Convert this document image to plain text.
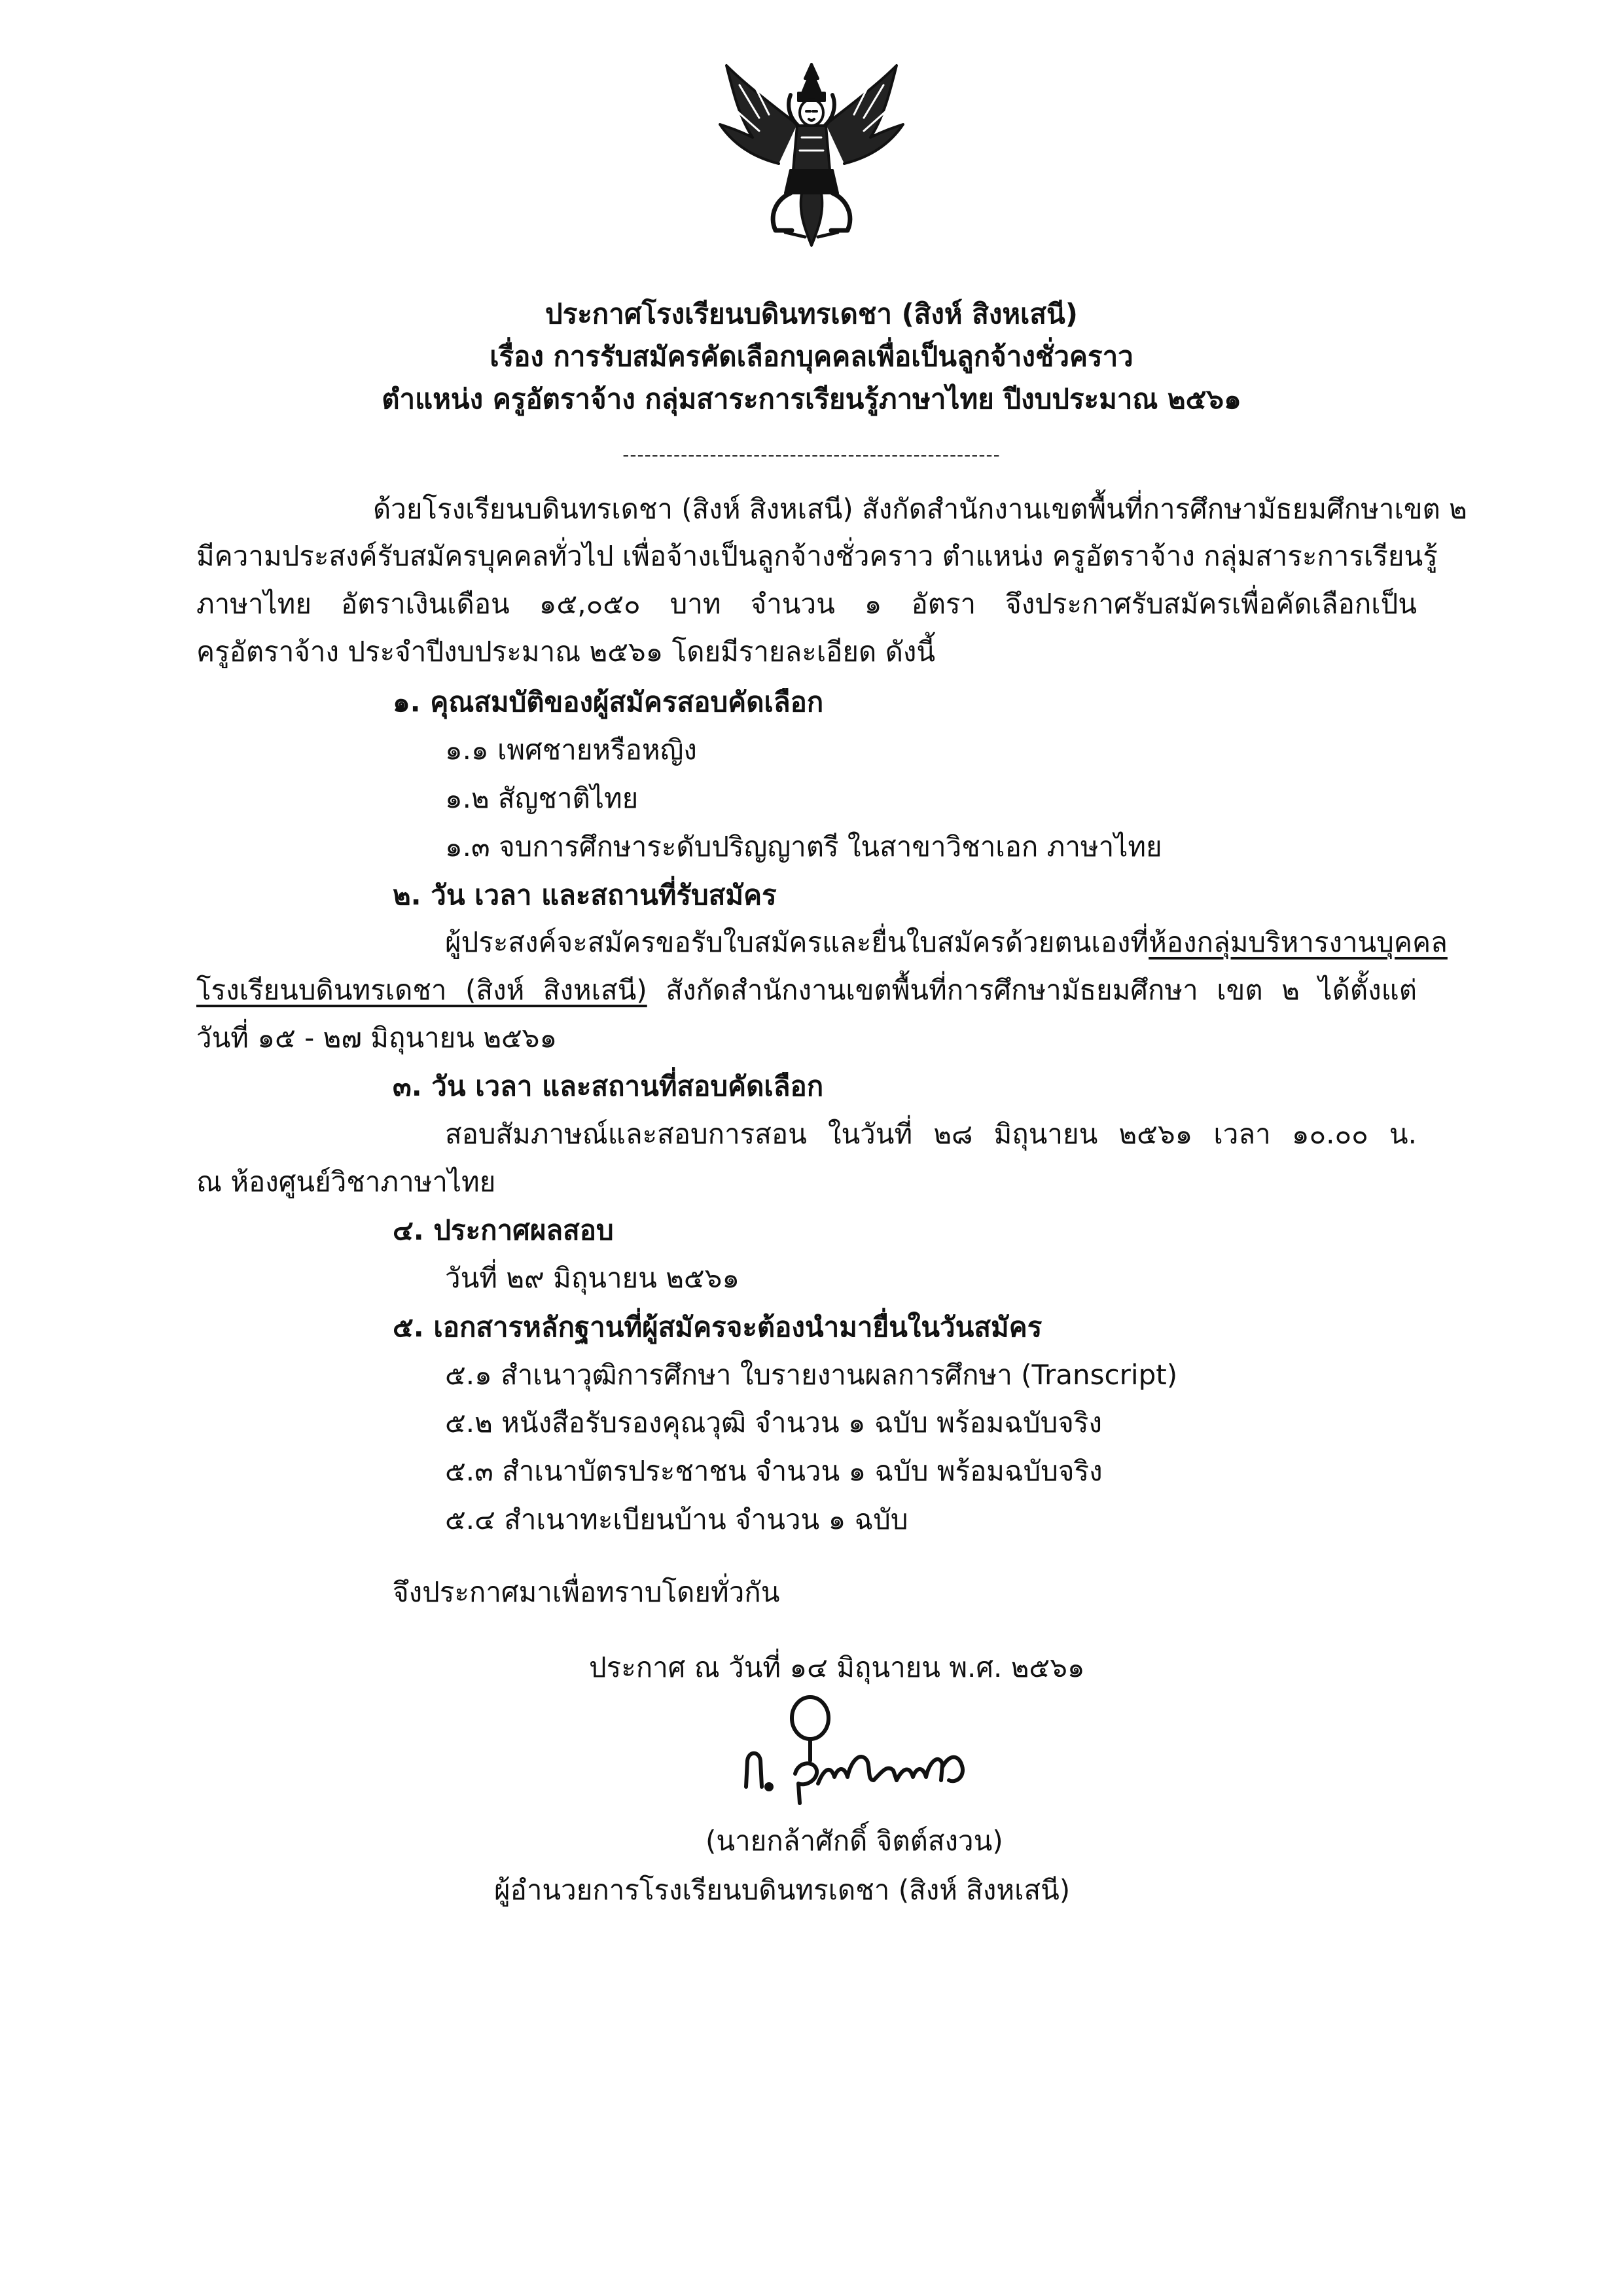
ประกาศโรงเรียนบดินทรเดชา (สิงห์ สิงหเสนี)
เรื่อง การรับสมัครคัดเลือกบุคคลเพื่อเป็นลูกจ้างชั่วคราว
ตำแหน่ง ครูอัตราจ้าง กลุ่มสาระการเรียนรู้ภาษาไทย ปีงบประมาณ ๒๕๖๑
----------------------------------------------------
ด้วยโรงเรียนบดินทรเดชา (สิงห์ สิงหเสนี) สังกัดสำนักงานเขตพื้นที่การศึกษามัธยมศึกษาเขต ๒
มีความประสงค์รับสมัครบุคคลทั่วไป เพื่อจ้างเป็นลูกจ้างชั่วคราว ตำแหน่ง ครูอัตราจ้าง กลุ่มสาระการเรียนรู้
ภาษาไทย อัตราเงินเดือน ๑๕,๐๕๐ บาท จำนวน ๑ อัตรา จึงประกาศรับสมัครเพื่อคัดเลือกเป็น
ครูอัตราจ้าง ประจำปีงบประมาณ ๒๕๖๑ โดยมีรายละเอียด ดังนี้
๑. คุณสมบัติของผู้สมัครสอบคัดเลือก
๑.๑ เพศชายหรือหญิง
๑.๒ สัญชาติไทย
๑.๓ จบการศึกษาระดับปริญญาตรี ในสาขาวิชาเอก ภาษาไทย
๒. วัน เวลา และสถานที่รับสมัคร
ผู้ประสงค์จะสมัครขอรับใบสมัครและยื่นใบสมัครด้วยตนเองที่ห้องกลุ่มบริหารงานบุคคล
โรงเรียนบดินทรเดชา (สิงห์ สิงหเสนี) สังกัดสำนักงานเขตพื้นที่การศึกษามัธยมศึกษา เขต ๒ ได้ตั้งแต่
วันที่ ๑๕ - ๒๗ มิถุนายน ๒๕๖๑
๓. วัน เวลา และสถานที่สอบคัดเลือก
สอบสัมภาษณ์และสอบการสอน ในวันที่ ๒๘ มิถุนายน ๒๕๖๑ เวลา ๑๐.๐๐ น.
ณ ห้องศูนย์วิชาภาษาไทย
๔. ประกาศผลสอบ
วันที่ ๒๙ มิถุนายน ๒๕๖๑
๕. เอกสารหลักฐานที่ผู้สมัครจะต้องนำมายื่นในวันสมัคร
๕.๑ สำเนาวุฒิการศึกษา ใบรายงานผลการศึกษา (Transcript)
๕.๒ หนังสือรับรองคุณวุฒิ จำนวน ๑ ฉบับ พร้อมฉบับจริง
๕.๓ สำเนาบัตรประชาชน จำนวน ๑ ฉบับ พร้อมฉบับจริง
๕.๔ สำเนาทะเบียนบ้าน จำนวน ๑ ฉบับ
จึงประกาศมาเพื่อทราบโดยทั่วกัน
ประกาศ ณ วันที่ ๑๔ มิถุนายน พ.ศ. ๒๕๖๑
(นายกล้าศักดิ์ จิตต์สงวน)
ผู้อำนวยการโรงเรียนบดินทรเดชา (สิงห์ สิงหเสนี)
